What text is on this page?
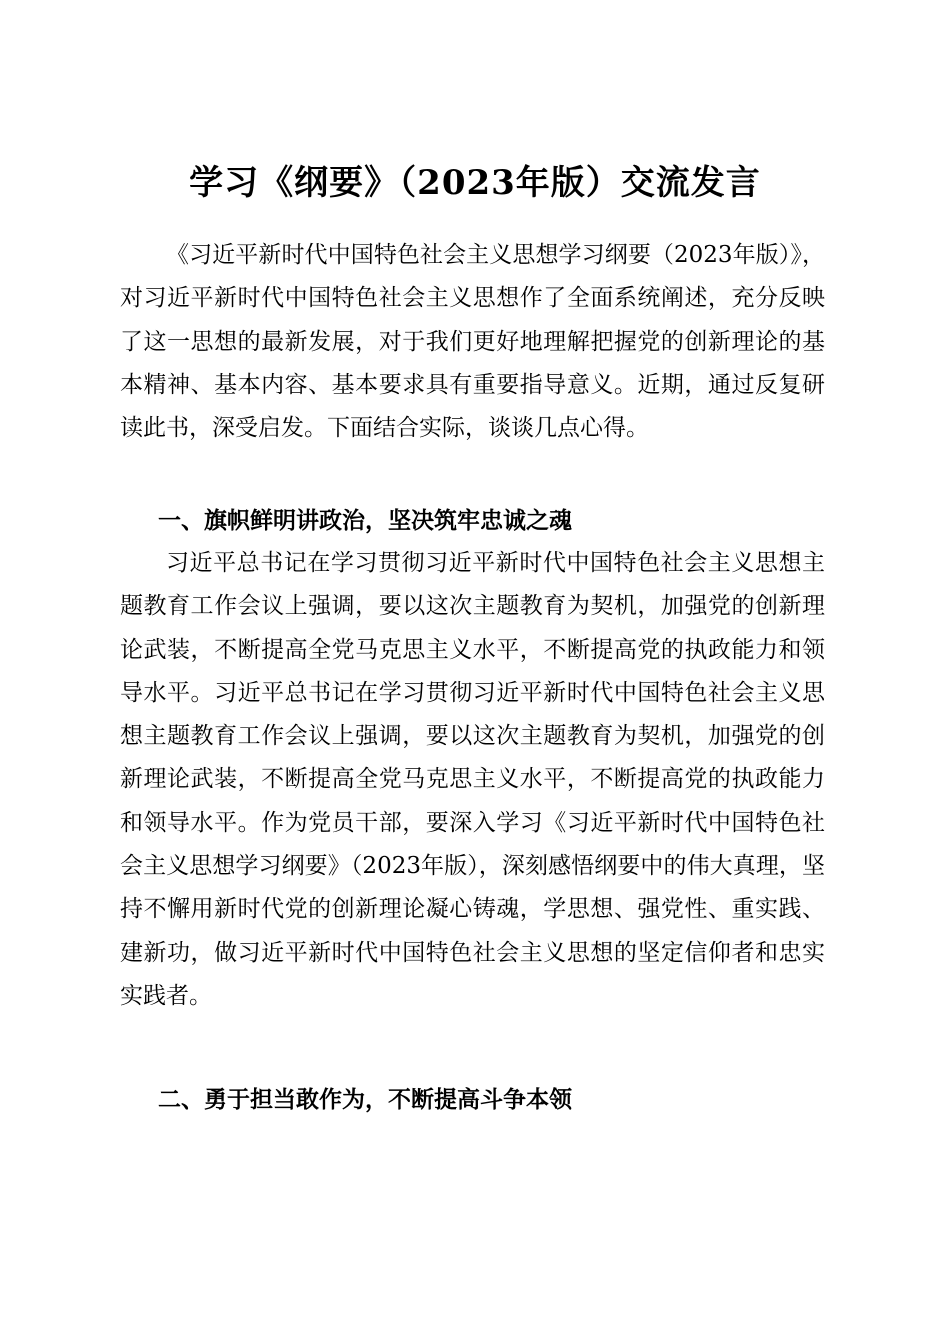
学习《纲要》（2023年版）交流发言

《习近平新时代中国特色社会主义思想学习纲要（2023年版）》，对习近平新时代中国特色社会主义思想作了全面系统阐述，充分反映了这一思想的最新发展，对于我们更好地理解把握党的创新理论的基本精神、基本内容、基本要求具有重要指导意义。近期，通过反复研读此书，深受启发。下面结合实际，谈谈几点心得。

一、旗帜鲜明讲政治，坚决筑牢忠诚之魂

习近平总书记在学习贯彻习近平新时代中国特色社会主义思想主题教育工作会议上强调，要以这次主题教育为契机，加强党的创新理论武装，不断提高全党马克思主义水平，不断提高党的执政能力和领导水平。习近平总书记在学习贯彻习近平新时代中国特色社会主义思想主题教育工作会议上强调，要以这次主题教育为契机，加强党的创新理论武装，不断提高全党马克思主义水平，不断提高党的执政能力和领导水平。作为党员干部，要深入学习《习近平新时代中国特色社会主义思想学习纲要》（2023年版），深刻感悟纲要中的伟大真理，坚持不懈用新时代党的创新理论凝心铸魂，学思想、强党性、重实践、建新功，做习近平新时代中国特色社会主义思想的坚定信仰者和忠实实践者。

二、勇于担当敢作为，不断提高斗争本领
